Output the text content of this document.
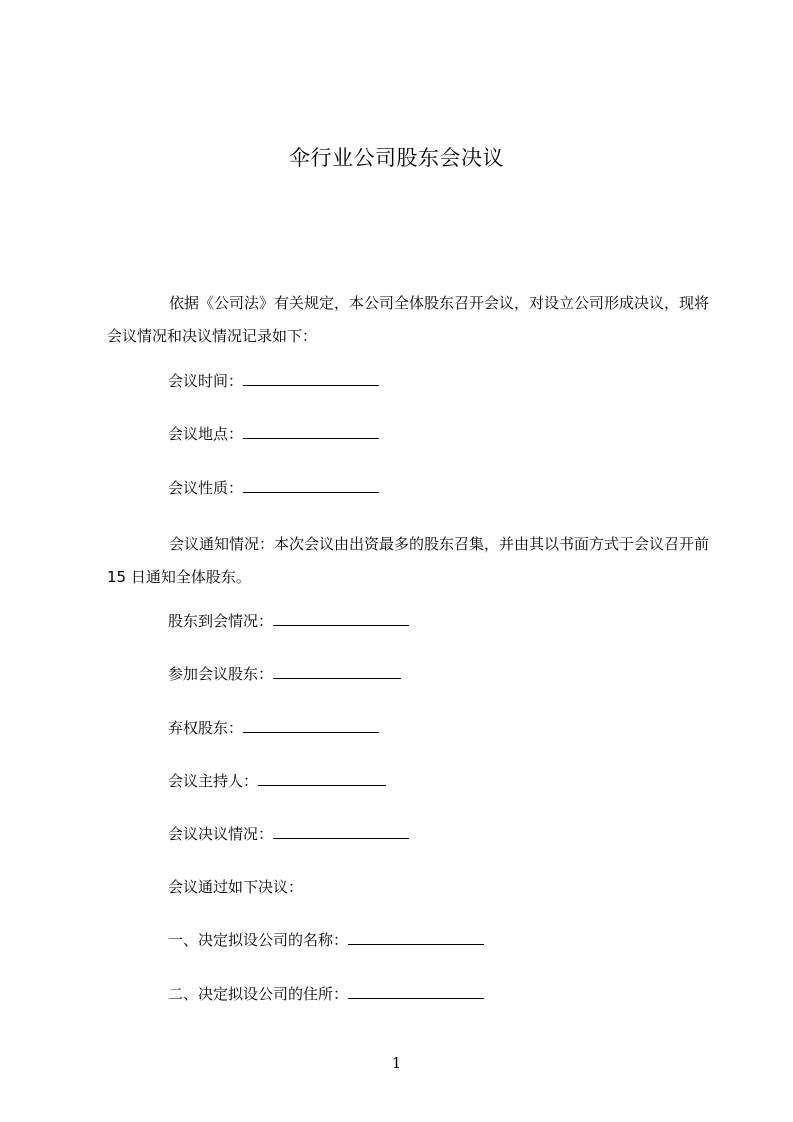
伞行业公司股东会决议
依据《公司法》有关规定，本公司全体股东召开会议，对设立公司形成决议，现将会议情况和决议情况记录如下：
会议时间：
会议地点：
会议性质：
会议通知情况：本次会议由出资最多的股东召集，并由其以书面方式于会议召开前 15 日通知全体股东。
股东到会情况：
参加会议股东：
弃权股东：
会议主持人：
会议决议情况：
会议通过如下决议：
一、决定拟设公司的名称：
二、决定拟设公司的住所：
1
